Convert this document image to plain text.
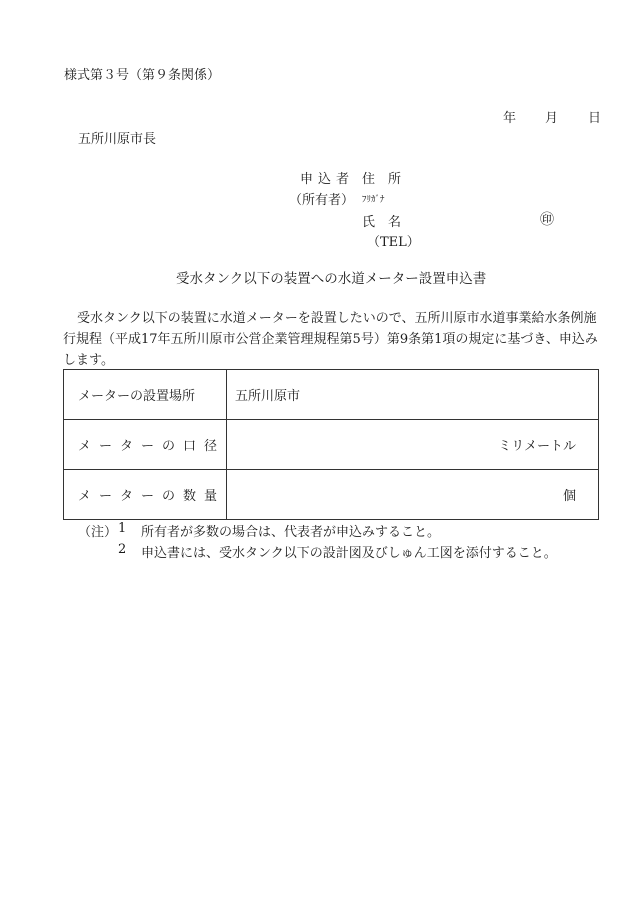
様式第３号（第９条関係）
年 月 日
五所川原市長
申込者 住　所
（所有者） ﾌﾘｶﾞﾅ
氏　名	㊞
（TEL）
受水タンク以下の装置への水道メーター設置申込書
受水タンク以下の装置に水道メーターを設置したいので、五所川原市水道事業給水条例施行規程（平成17年五所川原市公営企業管理規程第5号）第9条第1項の規定に基づき、申込みします。
メーターの設置場所	五所川原市
メーターの口径	ミリメートル
メーターの数量	個
（注） 1 所有者が多数の場合は、代表者が申込みすること。
2 申込書には、受水タンク以下の設計図及びしゅん工図を添付すること。
